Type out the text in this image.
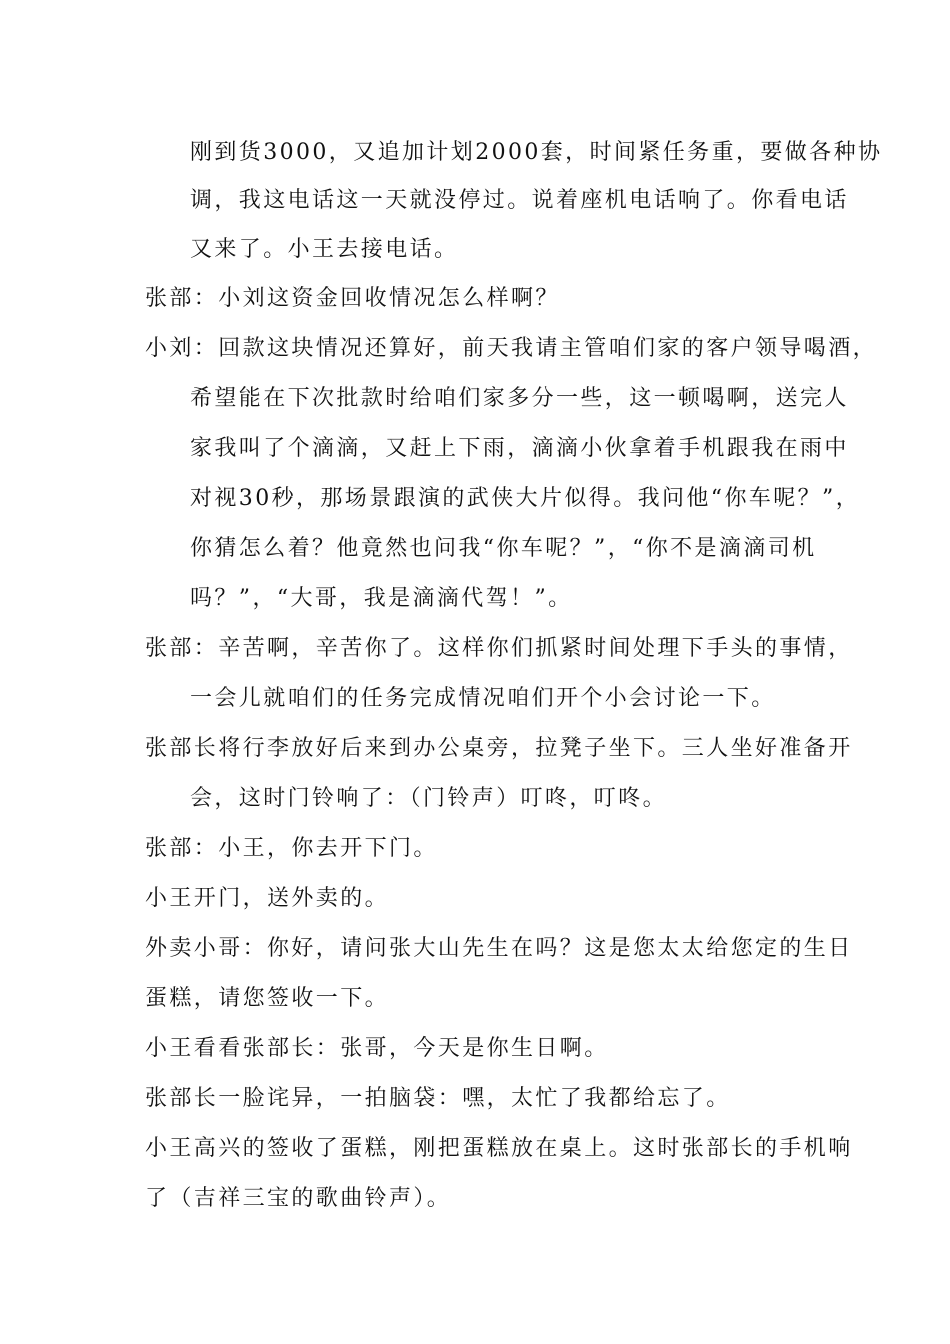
刚到货3000，又追加计划2000套，时间紧任务重，要做各种协
调，我这电话这一天就没停过。说着座机电话响了。你看电话
又来了。小王去接电话。
张部：小刘这资金回收情况怎么样啊？
小刘：回款这块情况还算好，前天我请主管咱们家的客户领导喝酒，
希望能在下次批款时给咱们家多分一些，这一顿喝啊，送完人
家我叫了个滴滴，又赶上下雨，滴滴小伙拿着手机跟我在雨中
对视30秒，那场景跟演的武侠大片似得。我问他“你车呢？”，
你猜怎么着？他竟然也问我“你车呢？”，“你不是滴滴司机
吗？”，“大哥，我是滴滴代驾！”。
张部：辛苦啊，辛苦你了。这样你们抓紧时间处理下手头的事情，
一会儿就咱们的任务完成情况咱们开个小会讨论一下。
张部长将行李放好后来到办公桌旁，拉凳子坐下。三人坐好准备开
会，这时门铃响了：（门铃声）叮咚，叮咚。
张部：小王，你去开下门。
小王开门，送外卖的。
外卖小哥：你好，请问张大山先生在吗？这是您太太给您定的生日
蛋糕，请您签收一下。
小王看看张部长：张哥，今天是你生日啊。
张部长一脸诧异，一拍脑袋：嘿，太忙了我都给忘了。
小王高兴的签收了蛋糕，刚把蛋糕放在桌上。这时张部长的手机响
了（吉祥三宝的歌曲铃声）。
